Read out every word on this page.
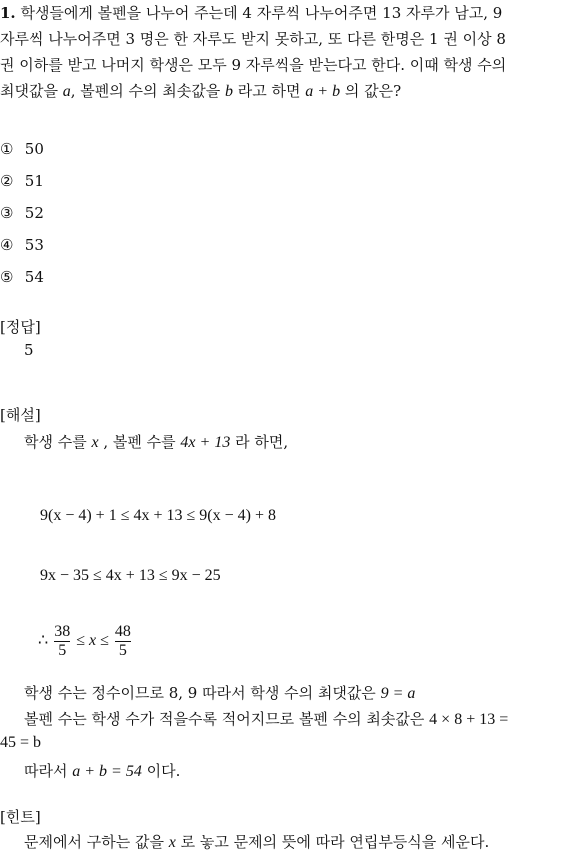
1. 학생들에게 볼펜을 나누어 주는데 4 자루씩 나누어주면 13 자루가 남고, 9
자루씩 나누어주면 3 명은 한 자루도 받지 못하고, 또 다른 한명은 1 권 이상 8
권 이하를 받고 나머지 학생은 모두 9 자루씩을 받는다고 한다. 이때 학생 수의
최댓값을 a, 볼펜의 수의 최솟값을 b 라고 하면 a + b 의 값은?
① 50
② 51
③ 52
④ 53
⑤ 54
[정답]
5
[해설]
학생 수를 x , 볼펜 수를 4x + 13 라 하면,
9(x − 4) + 1 ≤ 4x + 13 ≤ 9(x − 4) + 8
9x − 35 ≤ 4x + 13 ≤ 9x − 25
∴ $\frac{38}{5} \le x \le \frac{48}{5}$
학생 수는 정수이므로 8, 9 따라서 학생 수의 최댓값은 9 = a
볼펜 수는 학생 수가 적을수록 적어지므로 볼펜 수의 최솟값은 4 × 8 + 13 =
45 = b
따라서 a + b = 54 이다.
[힌트]
문제에서 구하는 값을 x 로 놓고 문제의 뜻에 따라 연립부등식을 세운다.
